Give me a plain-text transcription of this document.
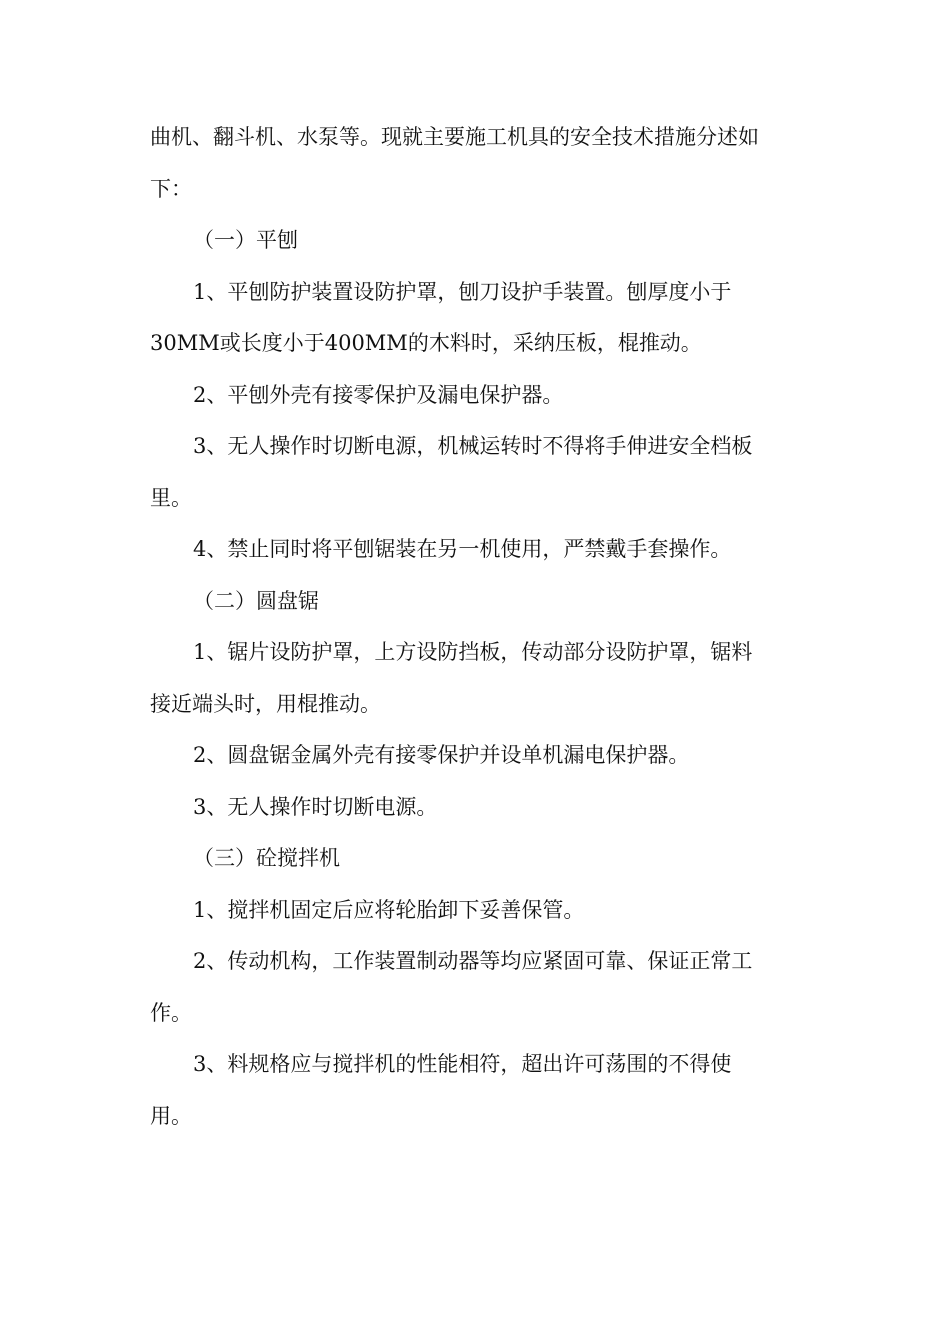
曲机、翻斗机、水泵等。现就主要施工机具的安全技术措施分述如
下：
（一）平刨
1、平刨防护装置设防护罩，刨刀设护手装置。刨厚度小于
30MM或长度小于400MM的木料时，采纳压板，棍推动。
2、平刨外壳有接零保护及漏电保护器。
3、无人操作时切断电源，机械运转时不得将手伸进安全档板
里。
4、禁止同时将平刨锯装在另一机使用，严禁戴手套操作。
（二）圆盘锯
1、锯片设防护罩，上方设防挡板，传动部分设防护罩，锯料
接近端头时，用棍推动。
2、圆盘锯金属外壳有接零保护并设单机漏电保护器。
3、无人操作时切断电源。
（三）砼搅拌机
1、搅拌机固定后应将轮胎卸下妥善保管。
2、传动机构，工作装置制动器等均应紧固可靠、保证正常工
作。
3、料规格应与搅拌机的性能相符，超出许可荡围的不得使
用。
